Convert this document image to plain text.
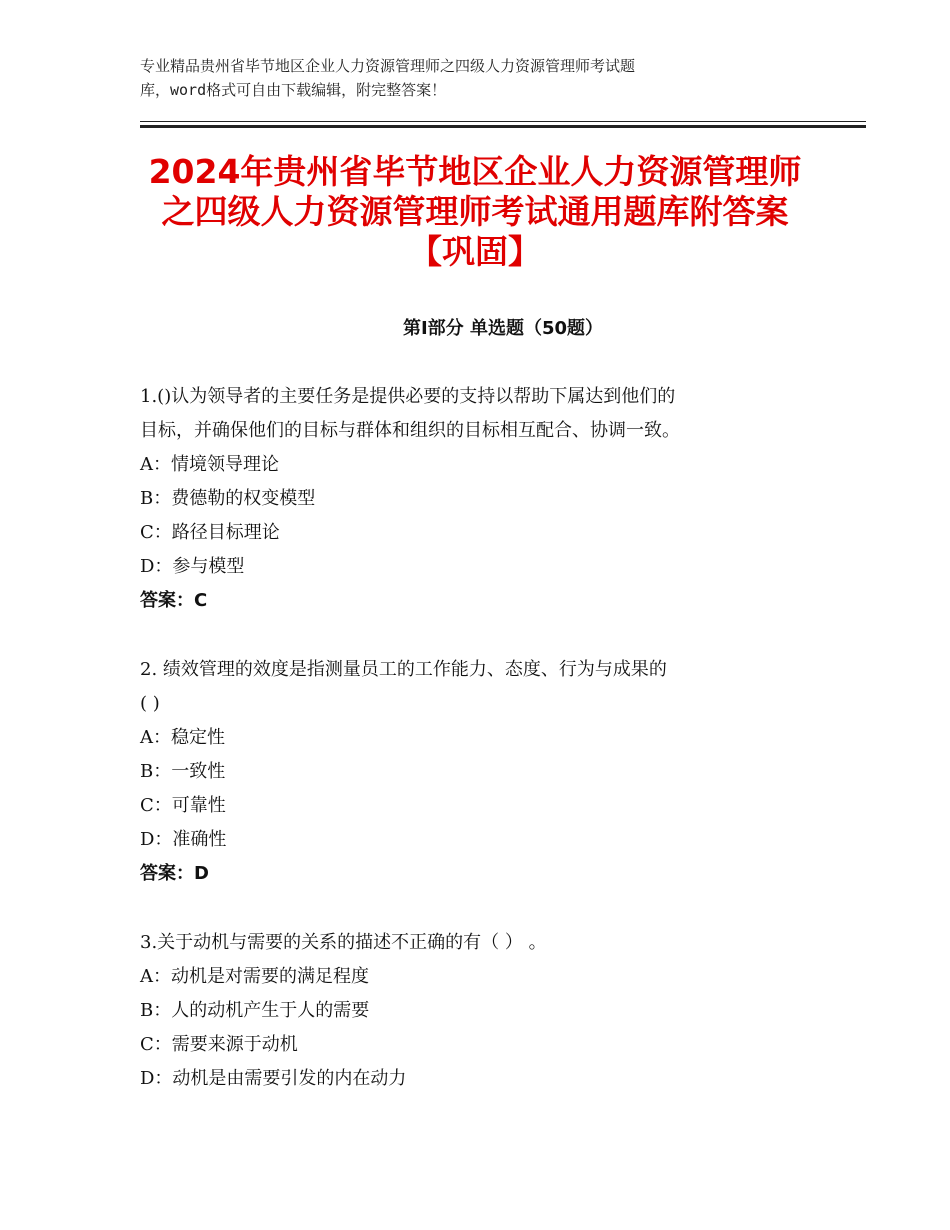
专业精品贵州省毕节地区企业人力资源管理师之四级人力资源管理师考试题
库，word格式可自由下载编辑，附完整答案！
2024年贵州省毕节地区企业人力资源管理师
之四级人力资源管理师考试通用题库附答案
【巩固】
第Ⅰ部分 单选题（50题）
1.()认为领导者的主要任务是提供必要的支持以帮助下属达到他们的
目标，并确保他们的目标与群体和组织的目标相互配合、协调一致。
A：情境领导理论
B：费德勒的权变模型
C：路径目标理论
D：参与模型
答案：C
2. 绩效管理的效度是指测量员工的工作能力、态度、行为与成果的
( )
A：稳定性
B：一致性
C：可靠性
D：准确性
答案：D
3.关于动机与需要的关系的描述不正确的有（ ） 。
A：动机是对需要的满足程度
B：人的动机产生于人的需要
C：需要来源于动机
D：动机是由需要引发的内在动力
